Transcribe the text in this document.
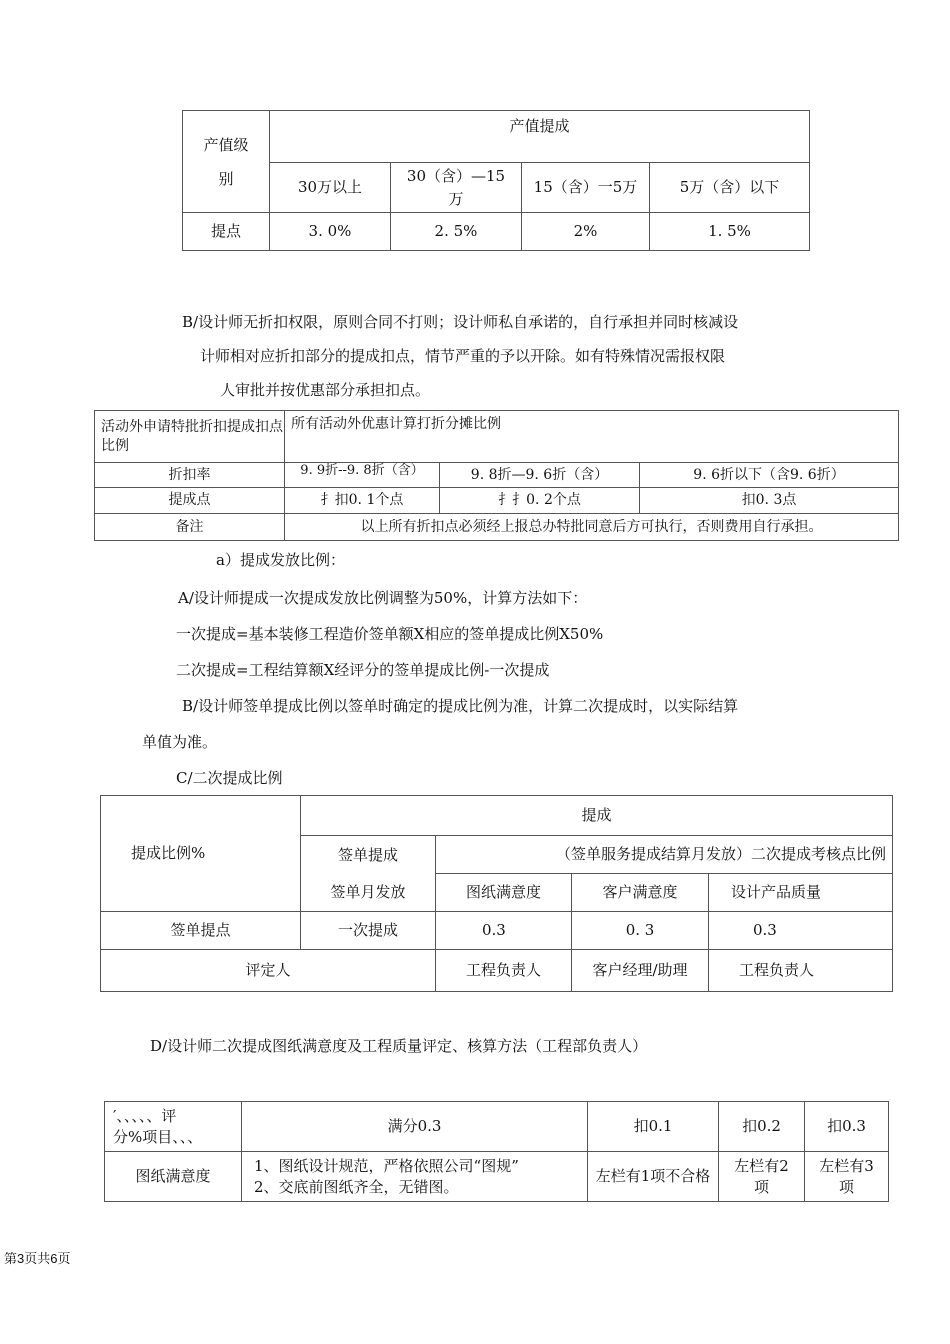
产值级别	产值提成			
	30万以上	30（含）—15万	15（含）一5万	5万（含）以下
提点	3. 0%	2. 5%	2%	1. 5%
B/设计师无折扣权限，原则合同不打则；设计师私自承诺的，自行承担并同时核减设
计师相对应折扣部分的提成扣点，情节严重的予以开除。如有特殊情况需报权限
人审批并按优惠部分承担扣点。
活动外申请特批折扣提成扣点比例	所有活动外优惠计算打折分摊比例		
折扣率	9. 9折--9. 8折（含）	9. 8折—9. 6折（含）	9. 6折以下（含9. 6折）
提成点	扌扣0. 1个点	扌扌0. 2个点	扣0. 3点
备注	以上所有折扣点必须经上报总办特批同意后方可执行，否则费用自行承担。		
a）提成发放比例：
A/设计师提成一次提成发放比例调整为50%，计算方法如下：
一次提成=基本装修工程造价签单额X相应的签单提成比例X50%
二次提成=工程结算额X经评分的签单提成比例-一次提成
B/设计师签单提成比例以签单时确定的提成比例为准，计算二次提成时，以实际结算
单值为准。
C/二次提成比例
提成比例%	提成			
	签单提成	（签单服务提成结算月发放）二次提成考核点比例		
	签单月发放	图纸满意度	客户满意度	设计产品质量
签单提点	一次提成	0.3	0. 3	0.3
评定人		工程负责人	客户经理/助理	工程负责人
D/设计师二次提成图纸满意度及工程质量评定、核算方法（工程部负责人）
′、、、、、评
分%项目、、、	满分0.3	扣0.1	扣0.2	扣0.3
图纸满意度	1、图纸设计规范，严格依照公司“图规”
2、交底前图纸齐全，无错图。	左栏有1项不合格	左栏有2项	左栏有3项
第3页共6页
